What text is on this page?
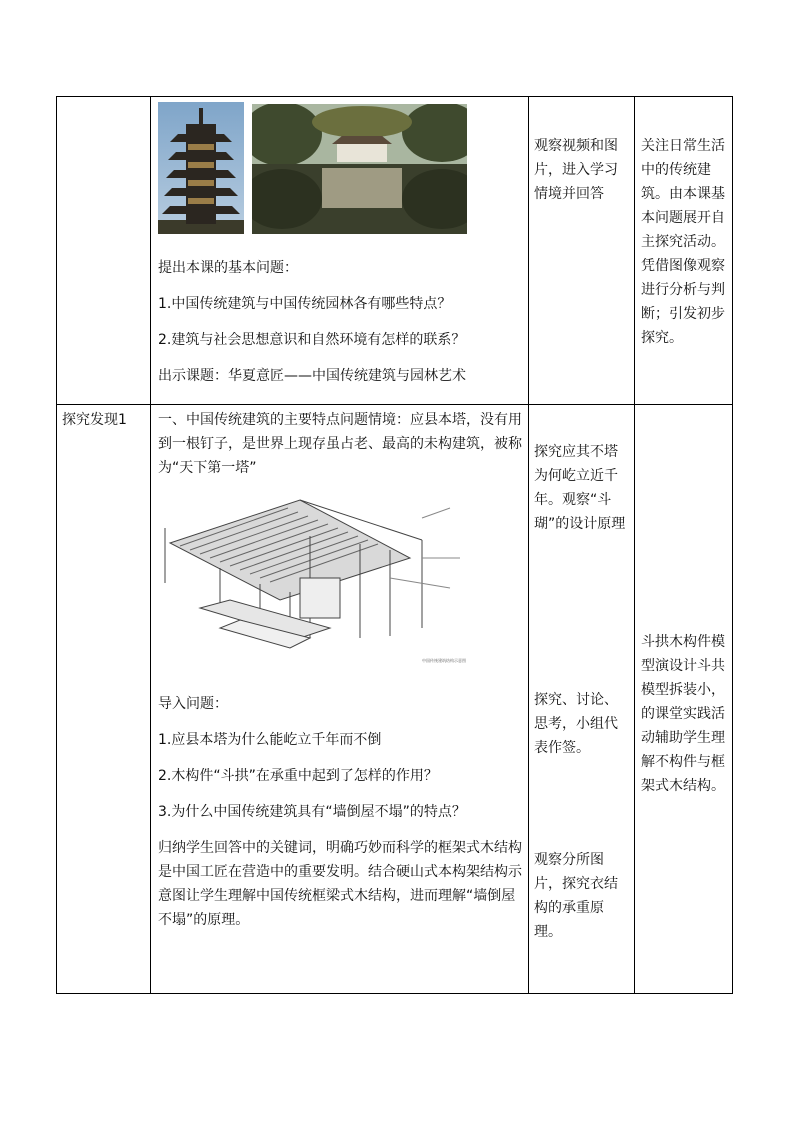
提出本课的基本问题：

1.中国传统建筑与中国传统园林各有哪些特点？

2.建筑与社会思想意识和自然环境有怎样的联系？

出示课题：华夏意匠——中国传统建筑与园林艺术

观察视频和图片，进入学习情境并回答
关注日常生活中的传统建筑。由本课基本问题展开自主探究活动。凭借图像观察进行分析与判断；引发初步探究。
探究发现1	一、中国传统建筑的主要特点问题情境：应县本塔，没有用到一根钉子，是世界上现存虽占老、最高的未构建筑，被称为“天下第一塔”
中国传统建筑结构示意图

导入问题：

1.应县本塔为什么能屹立千年而不倒

2.木构件“斗拱”在承重中起到了怎样的作用？

3.为什么中国传统建筑具有“墙倒屋不塌”的特点？

归纳学生回答中的关键词，明确巧妙而科学的框架式木结构是中国工匠在营造中的重要发明。结合硬山式本构架结构示意图让学生理解中国传统框梁式木结构，进而理解“墙倒屋不塌”的原理。

探究应其不塔为何屹立近千年。观察“斗瑚”的设计原理
探究、讨论、思考，小组代表作签。
观察分所图片，探究衣结构的承重原理。
斗拱木构件模型演设计斗共模型拆装小，的课堂实践活动辅助学生理解不构件与框架式木结构。
